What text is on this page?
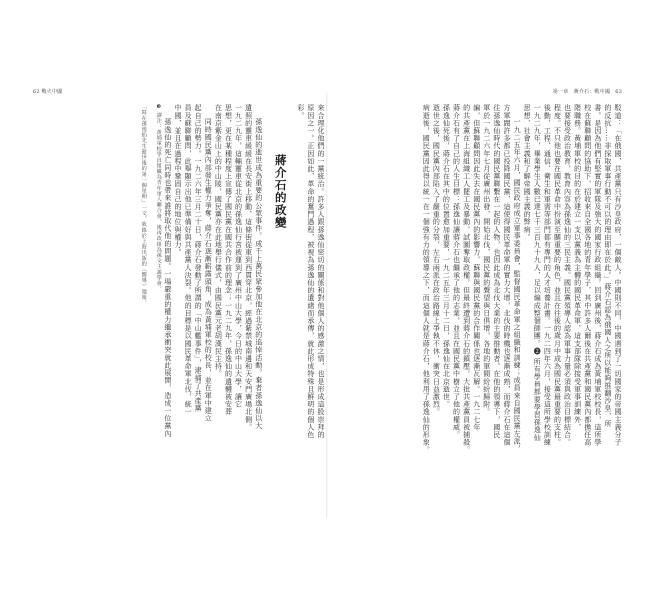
62 戰火中國
來合理化他們的一黨統治。許多人跟孫逸仙密切的關係和對他個人的感激之情，也是形成這股崇拜的
原因之一。正因如此，革命的奮鬥過程，被視為孫逸仙的遺緒而承傳，就此形成特殊且鮮明的個人色
彩。
蔣介石的政變
孫逸仙的逝世成為重要的公眾事件。成千上萬民眾參加他在北京的追悼活動，棄者孫逸仙以大
遺照的靈車緩緩在長安街上移動，這條街從東到西貫穿北京，經過紫禁城南邊和天安門廣場北側。
一九二九年，這輛靈車從北京的孫逸仙行宮被運到了廣州中山大學，今日的中山大學，讓它
思想，更在某種程度上宣傳了國民黨在國共合作前的理念；一九二九年，孫逸仙的遺體被安葬
在南京紫金山上的中山陵，國民黨亦在此地舉行儀式，由國民黨元老胡漢民主持。
同時國民黨內部發生權力爭奪，蔣介石逐漸嶄露頭角，成為黃埔軍校的校長，並在軍中建立
起自己的勢力。一九二六年三月二十日，蔣介石發動了所謂的「中山艦事件」，逮捕了共產黨
員及蘇聯顧問，此舉顯示出他已準備好與共產黨人決裂。他的目標是以國民革命軍北伐，統一
中國，並且在過程中鞏固自己的地位與權力。
孫逸仙的死亡同時也帶來誰將取代他的問題。一場嚴重的權力繼承衝突就此展開，造成一位黨內
❸ 譯注：黃埔軍校學員組織為青年軍人聯合會，後再改組為孫文主義學會。
「寫在孫逸仙先生逝世後的第一個星期」一文，收錄於上海出版的《嚮導》週報。
第一章　蔣介石：戰中國　63
駁道：「在俄國，共產黨只有沙皇政府，一個敵人。中國則不同，中國遇到了一切國家的帝國主義分子
的反抗……非採取軍事行動不可以的理由即在於此。」蔣介石認為俄國人之所以能夠推翻沙皇，所
書。是因為他們有堅實的軍隊及強大的國家行政組織。回到廣州後，蔣介石成為黃埔軍校校長，這所學
校在蘇聯顧問的協助下，招收來自全國各地的青年學子，其中許多人爾後在共產黨和國民黨內都擔任高
階職務。黃埔軍校的目的在於建立一支以黨義為主體的國民革命軍，這支部隊除接受軍事訓練外，
也要接受政治教育，教育內容為孫逸仙的三民主義。國民黨領導人認為軍事力量必須與政治目標結合。
程度。不只他也要在國民革命中扮演至關重要的角色，並且在往後的歲月中成為國民黨最重要的支柱。
後勤、工程、通信、衛生和軍需等部門都有專門的人才培養計畫。一九二四年六月，接受這所學校訓練
一九二九年，畢業學生人數已達七千三百九十九人，足以編成整個師團。❷ 所有學員都要學習孫逸仙
思想、社會主義和了解帝國主義的弊病。
一九二五年六月，國民政府成立軍事委員會，監督國民革命軍之組織和訓練；成員來自國民黨左派，
方軍閥許多都已投降國民黨，這使得國民革命軍的實力大增，北伐的時機也逐漸成熟，而蔣介石在這個
往孫逸仙時代的國民黨聯繫在一起的人物，也因此成為北伐大業的主要推動者。在他的領導下，國民
軍於一九二六年七月從廣州出發，開始北伐，國民黨的聲望與日俱增，各地的軍閥紛紛歸附。
編，但蘇聯顧問因此失去在國民黨內的影響力，蘇聯與國民黨的合作關係也逐漸瓦解。一九二七年
的共產黨在上海組織工人罷工及暴動，試圖奪取政權，但最終遭到蔣介石的鎮壓，大批共產黨員被捕殺。
蔣介石有了自己的人生目標：孫逸仙讓蔣介石也繼承了他的志業，並且在國民黨中樹立了他的權威。
孫逸仙死後，蔣介石在其中的位置愈加重要，一九二五年三月十二日，孫逸仙在北京逝世。
逝世之後，國民黨內部陷入了嚴重的分裂，左右兩派在政治路線上爭執不休，衝突日益激烈。
病逝後，國民黨因此得以統一在一個強有力的領導之下，而這個人就是蔣介石，他利用了孫逸仙的形象。
